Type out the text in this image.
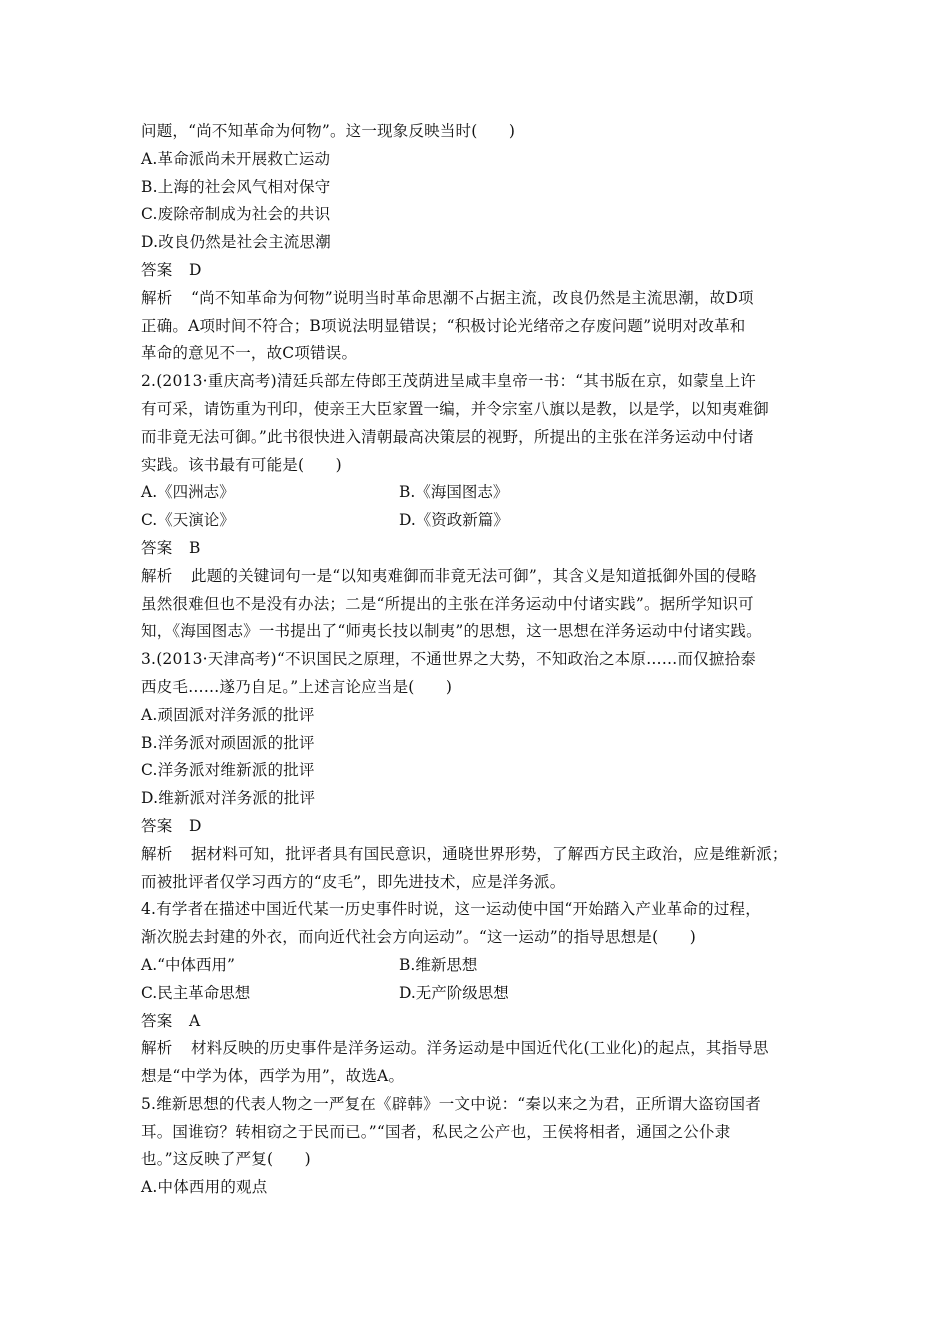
问题，“尚不知革命为何物”。这一现象反映当时(　　)
A.革命派尚未开展救亡运动
B.上海的社会风气相对保守
C.废除帝制成为社会的共识
D.改良仍然是社会主流思潮
答案 D
解析 “尚不知革命为何物”说明当时革命思潮不占据主流，改良仍然是主流思潮，故D项
正确。A项时间不符合；B项说法明显错误；“积极讨论光绪帝之存废问题”说明对改革和
革命的意见不一，故C项错误。
2.(2013·重庆高考)清廷兵部左侍郎王茂荫进呈咸丰皇帝一书：“其书版在京，如蒙皇上许
有可采，请饬重为刊印，使亲王大臣家置一编，并令宗室八旗以是教，以是学，以知夷难御
而非竟无法可御。”此书很快进入清朝最高决策层的视野，所提出的主张在洋务运动中付诸
实践。该书最有可能是(　　)
A.《四洲志》	B.《海国图志》
C.《天演论》	D.《资政新篇》
答案 B
解析 此题的关键词句一是“以知夷难御而非竟无法可御”，其含义是知道抵御外国的侵略
虽然很难但也不是没有办法；二是“所提出的主张在洋务运动中付诸实践”。据所学知识可
知，《海国图志》一书提出了“师夷长技以制夷”的思想，这一思想在洋务运动中付诸实践。
3.(2013·天津高考)“不识国民之原理，不通世界之大势，不知政治之本原……而仅摭拾泰
西皮毛……遂乃自足。”上述言论应当是(　　)
A.顽固派对洋务派的批评
B.洋务派对顽固派的批评
C.洋务派对维新派的批评
D.维新派对洋务派的批评
答案 D
解析 据材料可知，批评者具有国民意识，通晓世界形势，了解西方民主政治，应是维新派；
而被批评者仅学习西方的“皮毛”，即先进技术，应是洋务派。
4.有学者在描述中国近代某一历史事件时说，这一运动使中国“开始踏入产业革命的过程，
渐次脱去封建的外衣，而向近代社会方向运动”。“这一运动”的指导思想是(　　)
A.“中体西用”	B.维新思想
C.民主革命思想	D.无产阶级思想
答案 A
解析 材料反映的历史事件是洋务运动。洋务运动是中国近代化(工业化)的起点，其指导思
想是“中学为体，西学为用”，故选A。
5.维新思想的代表人物之一严复在《辟韩》一文中说：“秦以来之为君，正所谓大盗窃国者
耳。国谁窃？转相窃之于民而已。”“国者，私民之公产也，王侯将相者，通国之公仆隶
也。”这反映了严复(　　)
A.中体西用的观点
